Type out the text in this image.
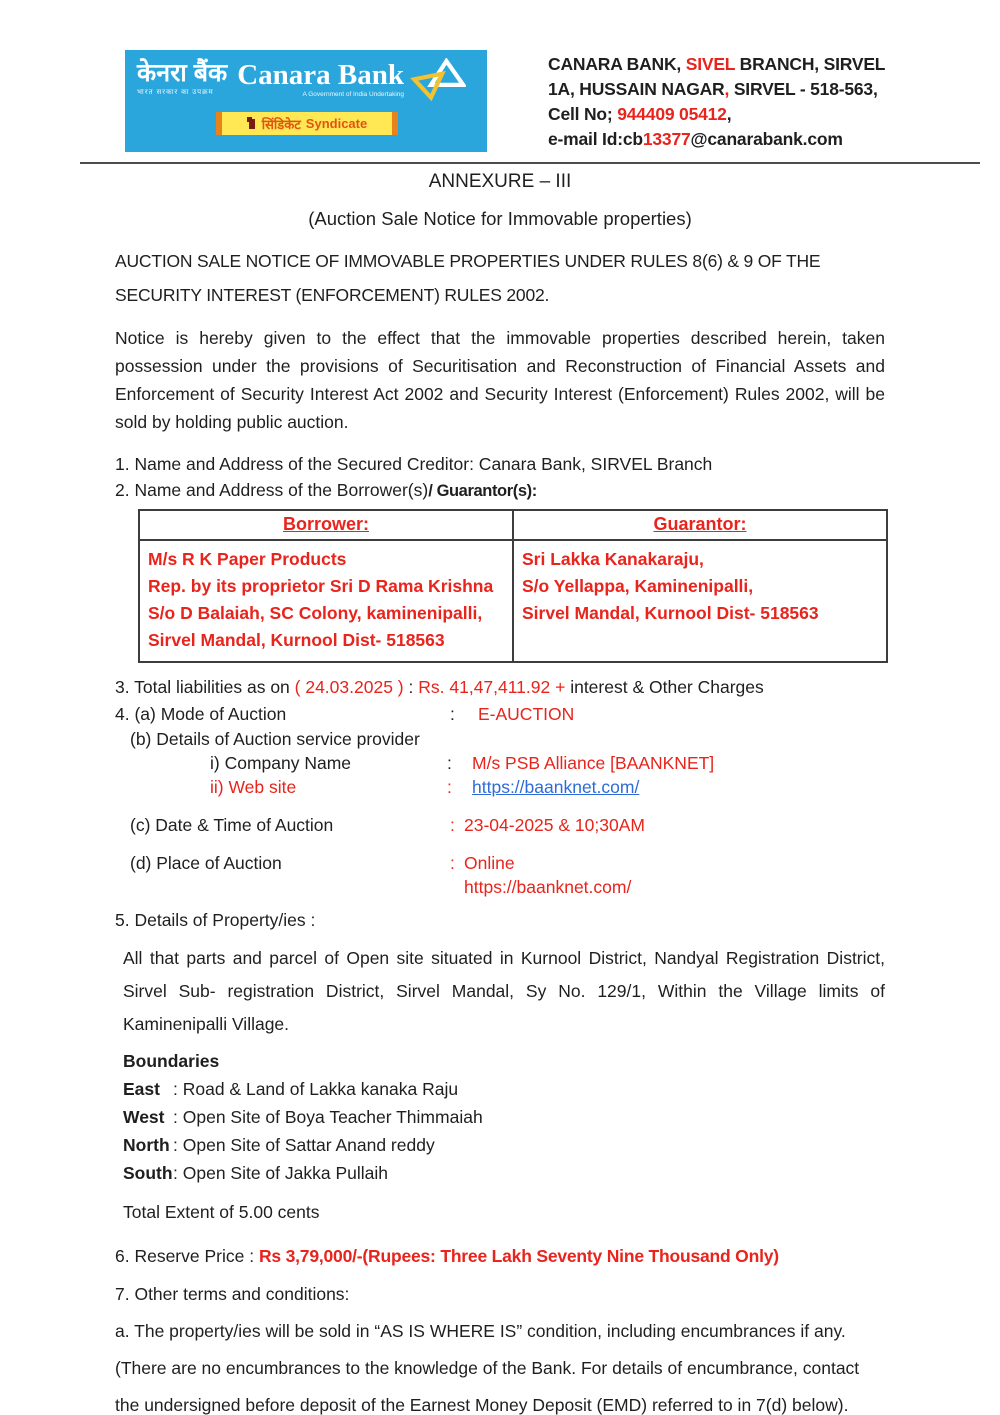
केनरा बैंक
भारत सरकार का उपक्रम
Canara Bank
A Government of India Undertaking
सिंडिकेट Syndicate
CANARA BANK, SIVEL BRANCH, SIRVEL
1A, HUSSAIN NAGAR, SIRVEL - 518-563,
Cell No; 944409 05412,
e-mail Id:cb13377@canarabank.com
ANNEXURE – III
(Auction Sale Notice for Immovable properties)
AUCTION SALE NOTICE OF IMMOVABLE PROPERTIES UNDER RULES 8(6) & 9 OF THE
SECURITY INTEREST (ENFORCEMENT) RULES 2002.

Notice is hereby given to the effect that the immovable properties described herein, taken possession under the provisions of Securitisation and Reconstruction of Financial Assets and Enforcement of Security Interest Act 2002 and Security Interest (Enforcement) Rules 2002, will be sold by holding public auction.

1. Name and Address of the Secured Creditor: Canara Bank, SIRVEL Branch
2. Name and Address of the Borrower(s)/ Guarantor(s):
Borrower:	Guarantor:

M/s R K Paper Products
Rep. by its proprietor Sri D Rama Krishna
S/o D Balaiah, SC Colony, kaminenipalli,
Sirvel Mandal, Kurnool Dist- 518563

Sri Lakka Kanakaraju,
S/o Yellappa, Kaminenipalli,
Sirvel Mandal, Kurnool Dist- 518563
3. Total liabilities as on ( 24.03.2025 ) : Rs. 41,47,411.92 + interest & Other Charges
4. (a) Mode of Auction	:	E-AUCTION
(b) Details of Auction service provider
i) Company Name	:	M/s PSB Alliance [BAANKNET]
ii) Web site	:	https://baanknet.com/
(c) Date & Time of Auction	: 23-04-2025 & 10;30AM
(d) Place of Auction	: Online
https://baanknet.com/
5. Details of Property/ies :

All that parts and parcel of Open site situated in Kurnool District, Nandyal Registration District, Sirvel Sub- registration District, Sirvel Mandal, Sy No. 129/1, Within the Village limits of Kaminenipalli Village.

Boundaries
East : Road & Land of Lakka kanaka Raju
West : Open Site of Boya Teacher Thimmaiah
North : Open Site of Sattar Anand reddy
South: Open Site of Jakka Pullaih
Total Extent of 5.00 cents
6. Reserve Price : Rs 3,79,000/-(Rupees: Three Lakh Seventy Nine Thousand Only)
7. Other terms and conditions:
a. The property/ies will be sold in “AS IS WHERE IS” condition, including encumbrances if any.
(There are no encumbrances to the knowledge of the Bank. For details of encumbrance, contact
the undersigned before deposit of the Earnest Money Deposit (EMD) referred to in 7(d) below).
